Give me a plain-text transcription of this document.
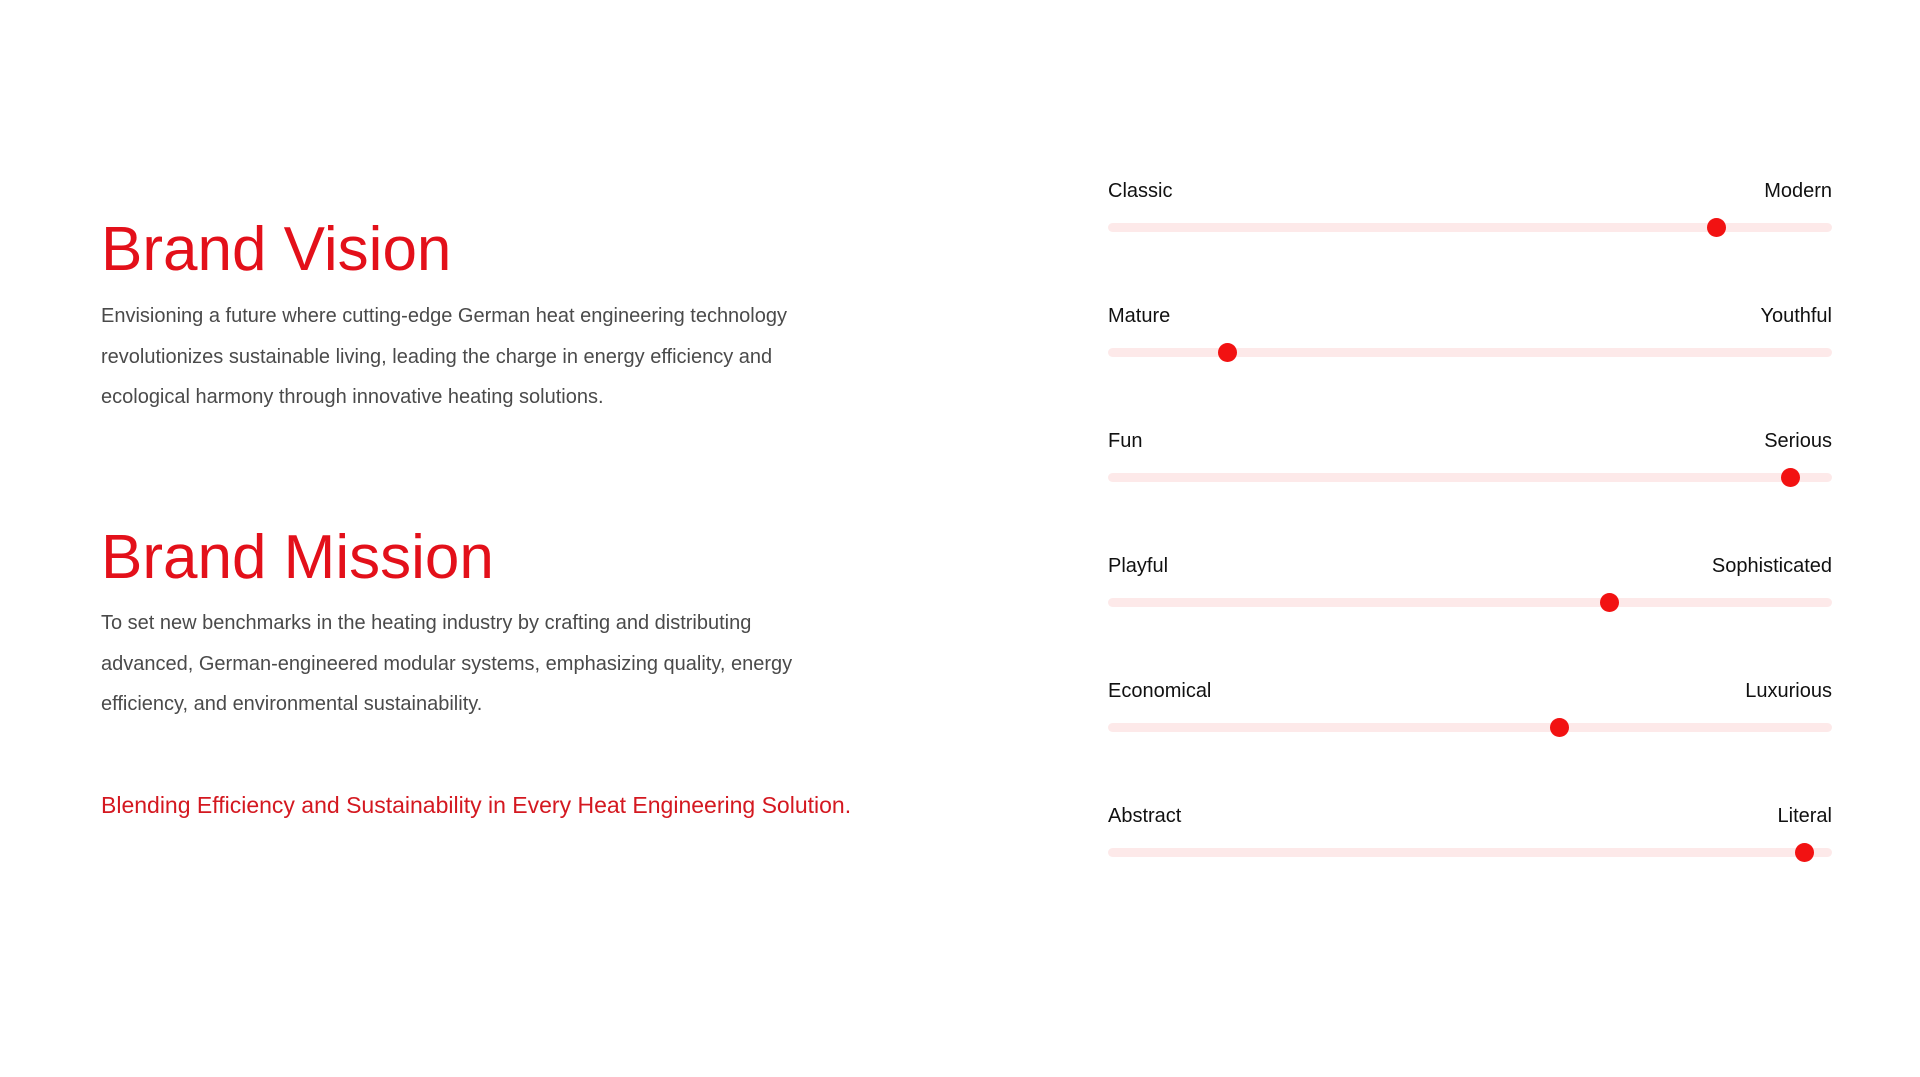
Brand Vision

Envisioning a future where cutting-edge German heat engineering technology revolutionizes sustainable living, leading the charge in energy efficiency and ecological harmony through innovative heating solutions.

Brand Mission

To set new benchmarks in the heating industry by crafting and distributing advanced, German-engineered modular systems, emphasizing quality, energy efficiency, and environmental sustainability.

Blending Efficiency and Sustainability in Every Heat Engineering Solution.

Classic	Modern
Mature	Youthful
Fun	Serious
Playful	Sophisticated
Economical	Luxurious
Abstract	Literal
